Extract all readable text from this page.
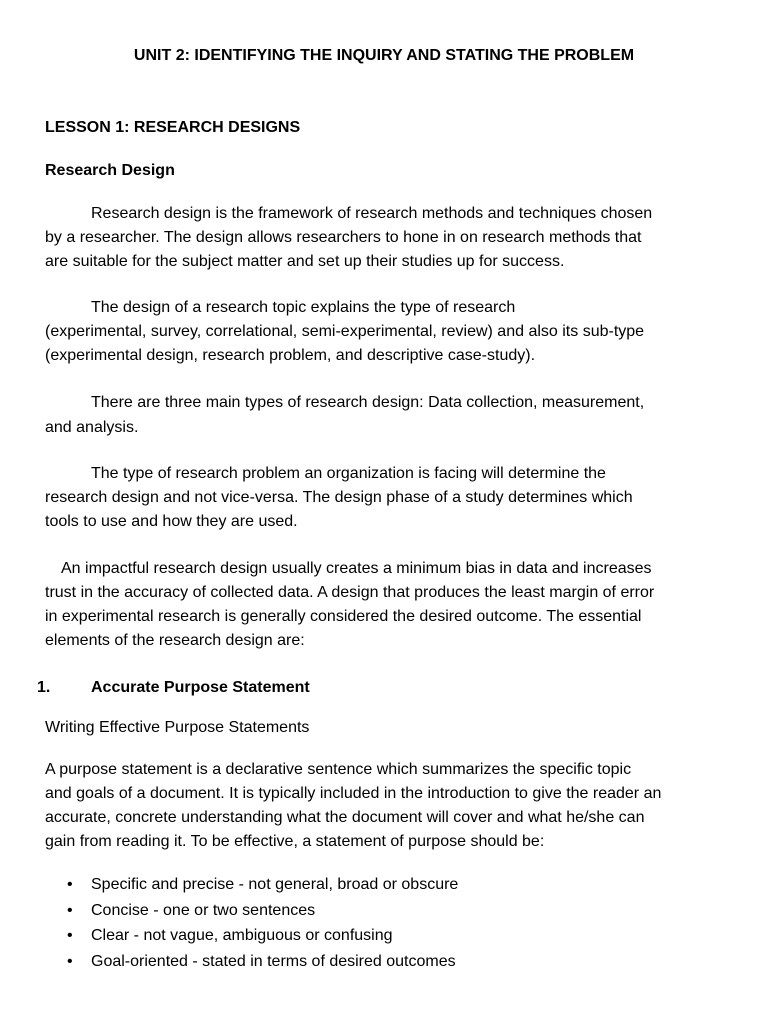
UNIT 2: IDENTIFYING THE INQUIRY AND STATING THE PROBLEM
LESSON 1: RESEARCH DESIGNS
Research Design
Research design is the framework of research methods and techniques chosen
by a researcher. The design allows researchers to hone in on research methods that
are suitable for the subject matter and set up their studies up for success.
The design of a research topic explains the type of research
(experimental, survey, correlational, semi-experimental, review) and also its sub-type
(experimental design, research problem, and descriptive case-study).
There are three main types of research design: Data collection, measurement,
and analysis.
The type of research problem an organization is facing will determine the
research design and not vice-versa. The design phase of a study determines which
tools to use and how they are used.
An impactful research design usually creates a minimum bias in data and increases
trust in the accuracy of collected data. A design that produces the least margin of error
in experimental research is generally considered the desired outcome. The essential
elements of the research design are:
1.	Accurate Purpose Statement
Writing Effective Purpose Statements
A purpose statement is a declarative sentence which summarizes the specific topic
and goals of a document. It is typically included in the introduction to give the reader an
accurate, concrete understanding what the document will cover and what he/she can
gain from reading it. To be effective, a statement of purpose should be:
• Specific and precise - not general, broad or obscure
• Concise - one or two sentences
• Clear - not vague, ambiguous or confusing
• Goal-oriented - stated in terms of desired outcomes
